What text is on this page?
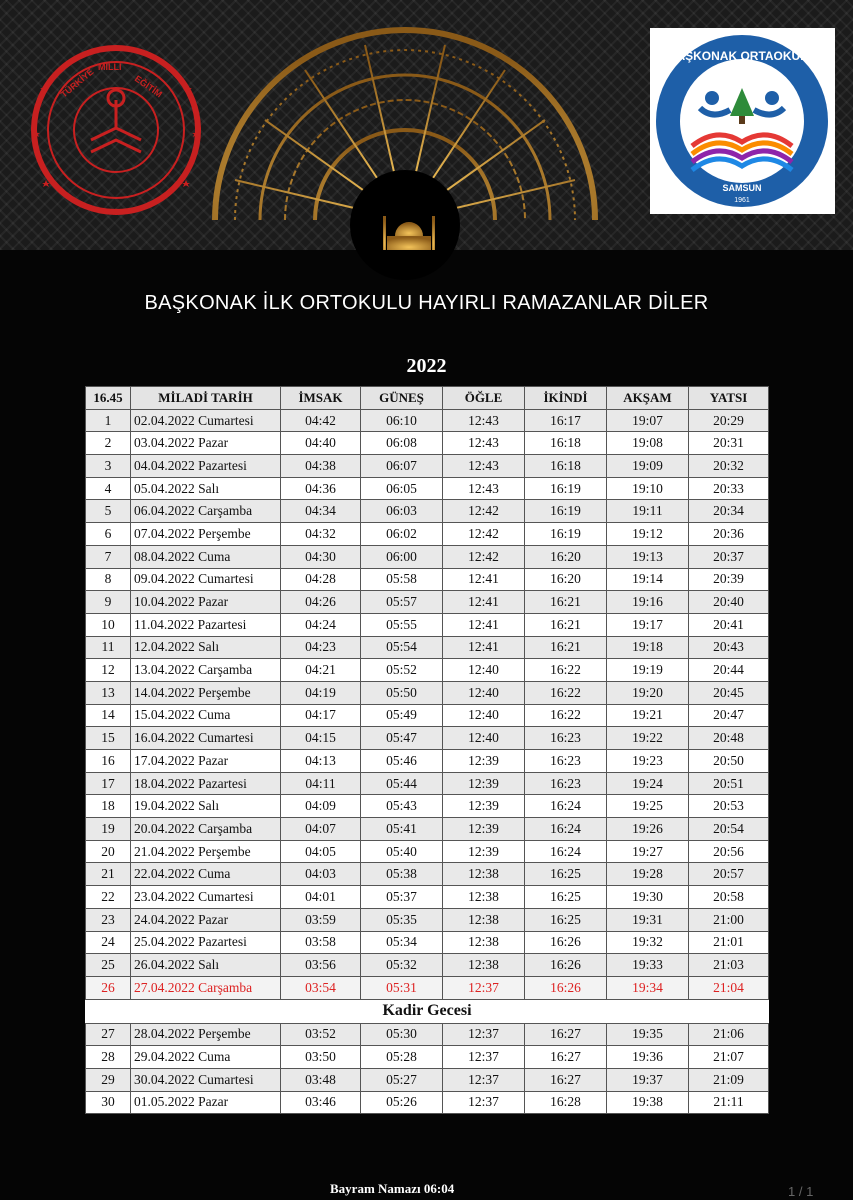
TÜRKİYE MİLLÎ
EĞİTİM
BAŞKONAK ORTAOKULU
SAMSUN
1961
BAŞKONAK İLK ORTOKULU HAYIRLI RAMAZANLAR DİLER
2022
16.45	MİLADİ TARİH	İMSAK	GÜNEŞ	ÖĞLE	İKİNDİ	AKŞAM	YATSI
1	02.04.2022 Cumartesi	04:42	06:10	12:43	16:17	19:07	20:29
2	03.04.2022 Pazar	04:40	06:08	12:43	16:18	19:08	20:31
3	04.04.2022 Pazartesi	04:38	06:07	12:43	16:18	19:09	20:32
4	05.04.2022 Salı	04:36	06:05	12:43	16:19	19:10	20:33
5	06.04.2022 Carşamba	04:34	06:03	12:42	16:19	19:11	20:34
6	07.04.2022 Perşembe	04:32	06:02	12:42	16:19	19:12	20:36
7	08.04.2022 Cuma	04:30	06:00	12:42	16:20	19:13	20:37
8	09.04.2022 Cumartesi	04:28	05:58	12:41	16:20	19:14	20:39
9	10.04.2022 Pazar	04:26	05:57	12:41	16:21	19:16	20:40
10	11.04.2022 Pazartesi	04:24	05:55	12:41	16:21	19:17	20:41
11	12.04.2022 Salı	04:23	05:54	12:41	16:21	19:18	20:43
12	13.04.2022 Carşamba	04:21	05:52	12:40	16:22	19:19	20:44
13	14.04.2022 Perşembe	04:19	05:50	12:40	16:22	19:20	20:45
14	15.04.2022 Cuma	04:17	05:49	12:40	16:22	19:21	20:47
15	16.04.2022 Cumartesi	04:15	05:47	12:40	16:23	19:22	20:48
16	17.04.2022 Pazar	04:13	05:46	12:39	16:23	19:23	20:50
17	18.04.2022 Pazartesi	04:11	05:44	12:39	16:23	19:24	20:51
18	19.04.2022 Salı	04:09	05:43	12:39	16:24	19:25	20:53
19	20.04.2022 Carşamba	04:07	05:41	12:39	16:24	19:26	20:54
20	21.04.2022 Perşembe	04:05	05:40	12:39	16:24	19:27	20:56
21	22.04.2022 Cuma	04:03	05:38	12:38	16:25	19:28	20:57
22	23.04.2022 Cumartesi	04:01	05:37	12:38	16:25	19:30	20:58
23	24.04.2022 Pazar	03:59	05:35	12:38	16:25	19:31	21:00
24	25.04.2022 Pazartesi	03:58	05:34	12:38	16:26	19:32	21:01
25	26.04.2022 Salı	03:56	05:32	12:38	16:26	19:33	21:03
26	27.04.2022 Carşamba	03:54	05:31	12:37	16:26	19:34	21:04
Kadir Gecesi							
27	28.04.2022 Perşembe	03:52	05:30	12:37	16:27	19:35	21:06
28	29.04.2022 Cuma	03:50	05:28	12:37	16:27	19:36	21:07
29	30.04.2022 Cumartesi	03:48	05:27	12:37	16:27	19:37	21:09
30	01.05.2022 Pazar	03:46	05:26	12:37	16:28	19:38	21:11
Bayram Namazı 06:04	1 / 1
